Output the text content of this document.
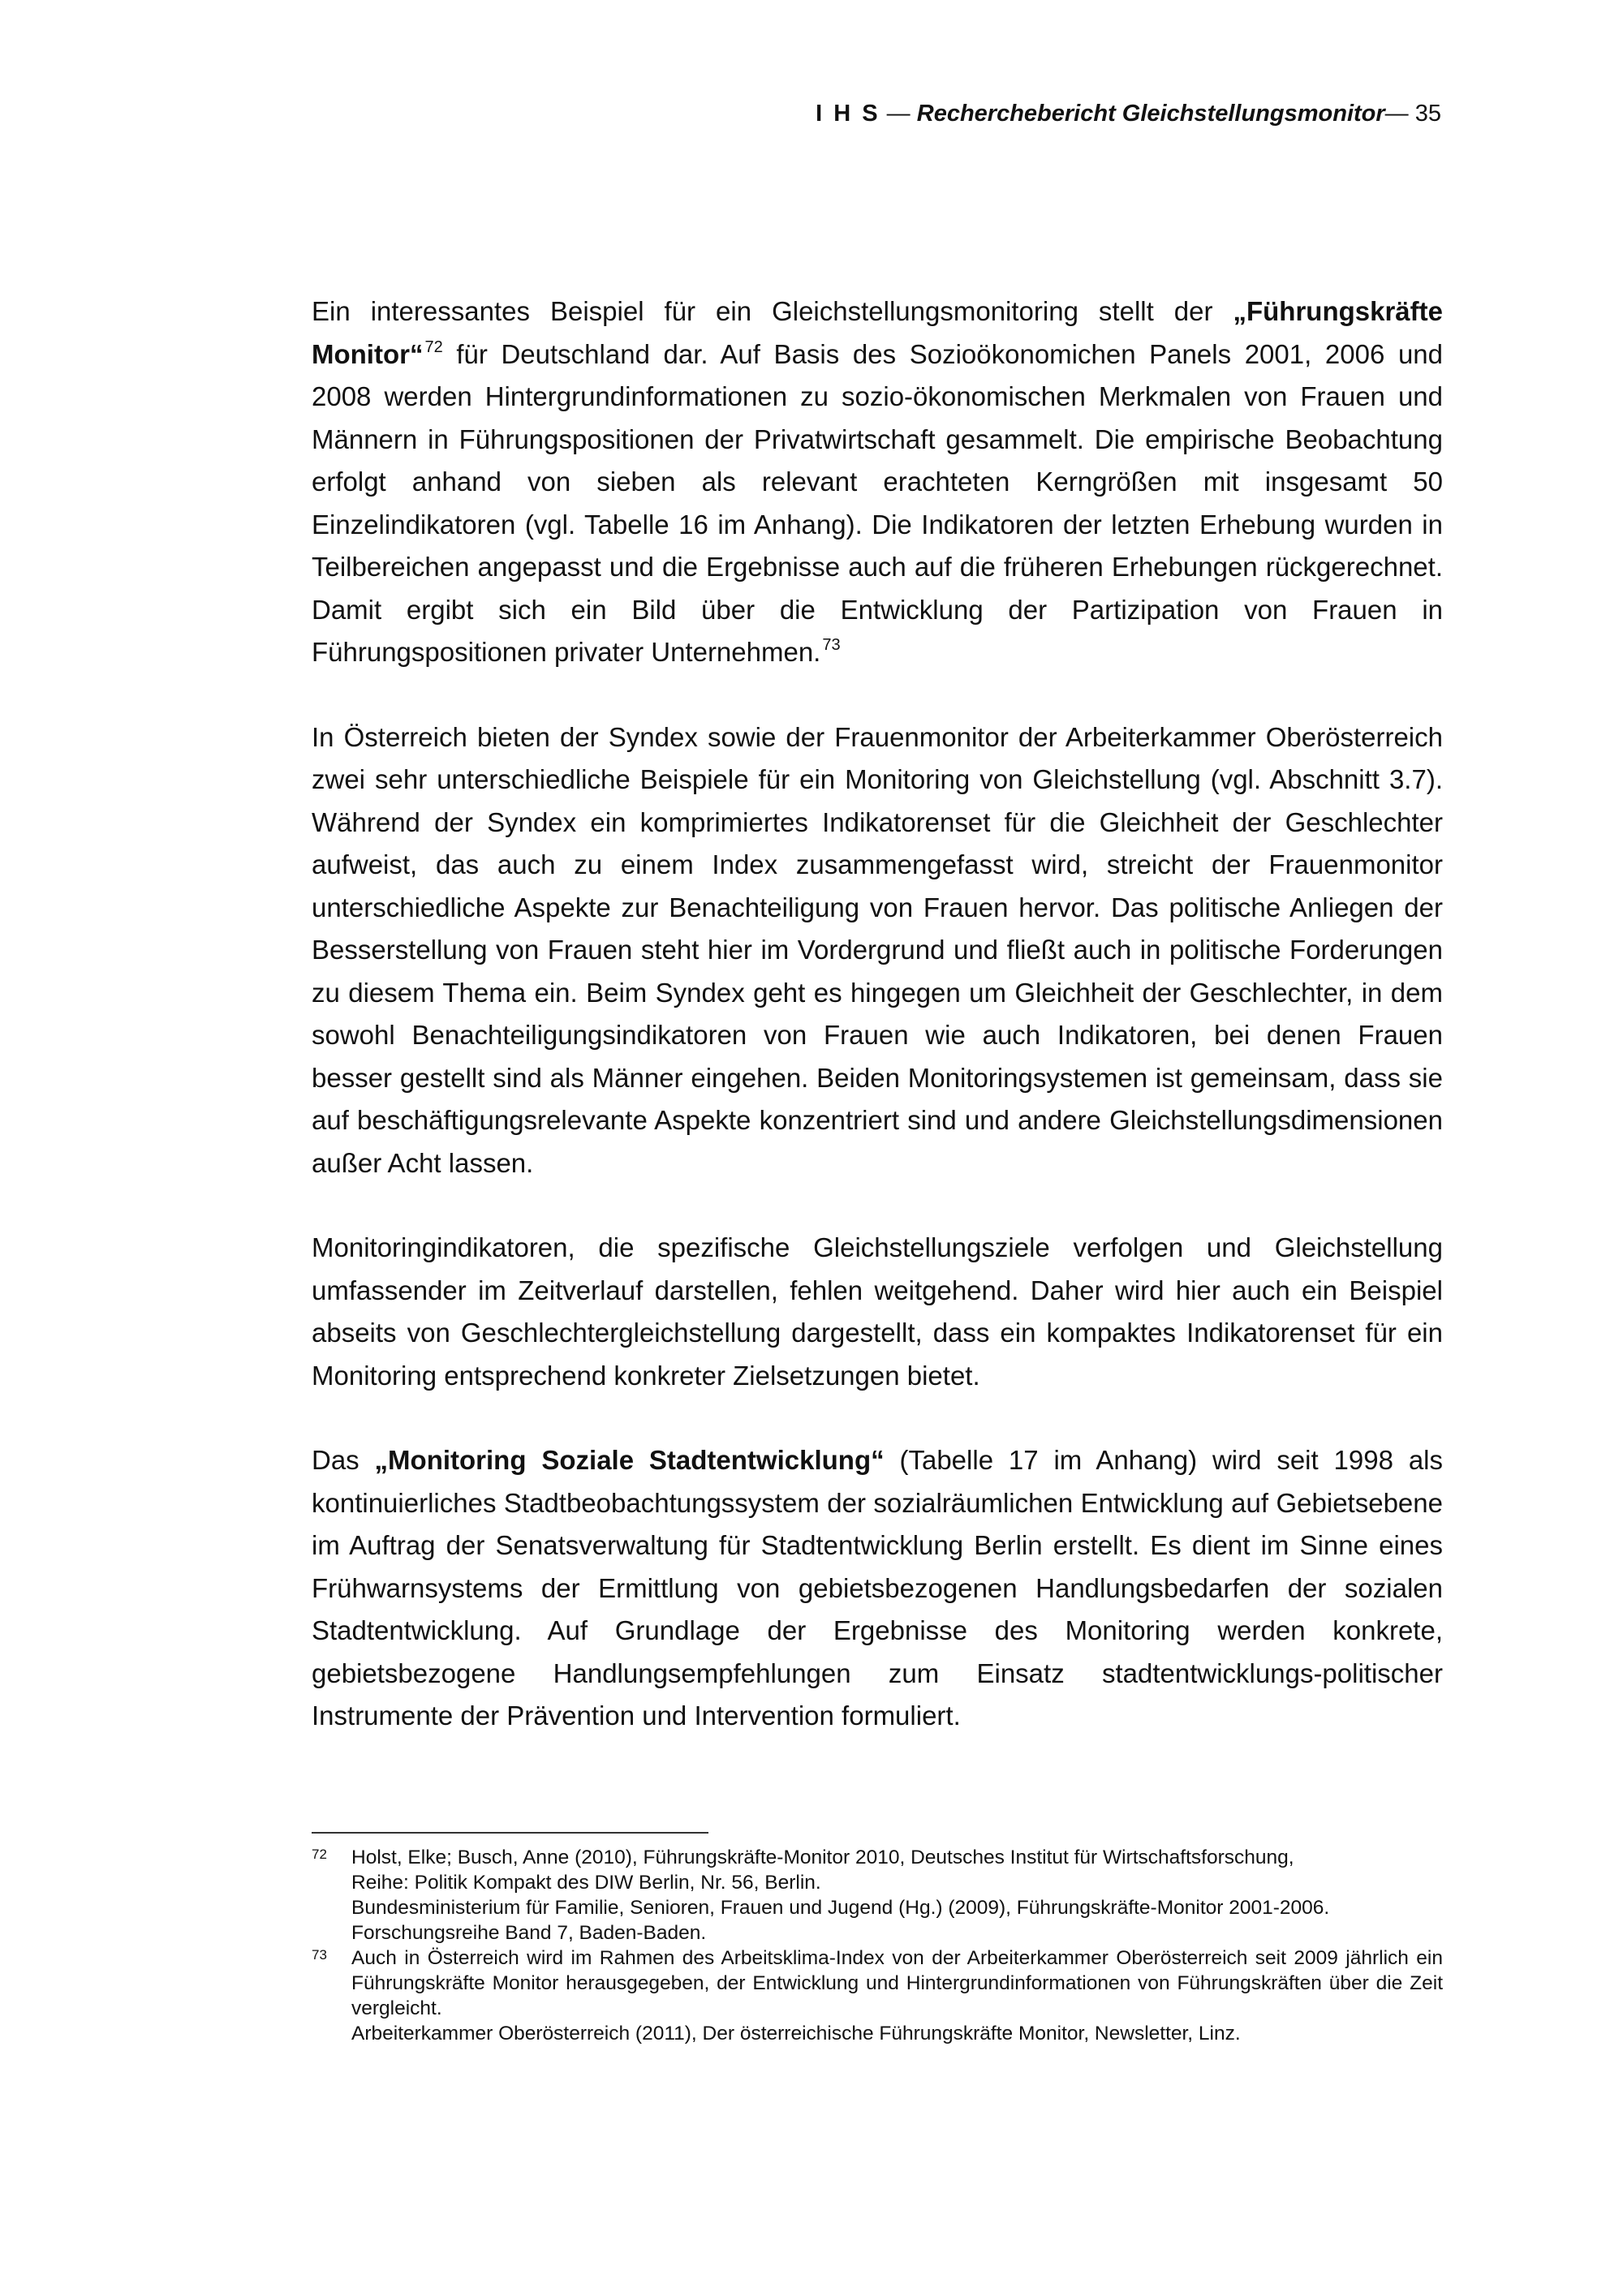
I H S — Recherchebericht Gleichstellungsmonitor— 35

Ein interessantes Beispiel für ein Gleichstellungsmonitoring stellt der „Führungskräfte Monitor“ $^{72}$ für Deutschland dar. Auf Basis des Sozioökonomichen Panels 2001, 2006 und 2008 werden Hintergrundinformationen zu sozio-ökonomischen Merkmalen von Frauen und Männern in Führungspositionen der Privatwirtschaft gesammelt. Die empirische Beobachtung erfolgt anhand von sieben als relevant erachteten Kerngrößen mit insgesamt 50 Einzelindikatoren (vgl. Tabelle 16 im Anhang). Die Indikatoren der letzten Erhebung wurden in Teilbereichen angepasst und die Ergebnisse auch auf die früheren Erhebungen rückgerechnet. Damit ergibt sich ein Bild über die Entwicklung der Partizipation von Frauen in Führungspositionen privater Unternehmen. $^{73}$

In Österreich bieten der Syndex sowie der Frauenmonitor der Arbeiterkammer Oberösterreich zwei sehr unterschiedliche Beispiele für ein Monitoring von Gleichstellung (vgl. Abschnitt 3.7). Während der Syndex ein komprimiertes Indikatorenset für die Gleichheit der Geschlechter aufweist, das auch zu einem Index zusammengefasst wird, streicht der Frauenmonitor unterschiedliche Aspekte zur Benachteiligung von Frauen hervor. Das politische Anliegen der Besserstellung von Frauen steht hier im Vordergrund und fließt auch in politische Forderungen zu diesem Thema ein. Beim Syndex geht es hingegen um Gleichheit der Geschlechter, in dem sowohl Benachteiligungsindikatoren von Frauen wie auch Indikatoren, bei denen Frauen besser gestellt sind als Männer eingehen. Beiden Monitoringsystemen ist gemeinsam, dass sie auf beschäftigungsrelevante Aspekte konzentriert sind und andere Gleichstellungsdimensionen außer Acht lassen.

Monitoringindikatoren, die spezifische Gleichstellungsziele verfolgen und Gleichstellung umfassender im Zeitverlauf darstellen, fehlen weitgehend. Daher wird hier auch ein Beispiel abseits von Geschlechtergleichstellung dargestellt, dass ein kompaktes Indikatorenset für ein Monitoring entsprechend konkreter Zielsetzungen bietet.

Das „Monitoring Soziale Stadtentwicklung“ (Tabelle 17 im Anhang) wird seit 1998 als kontinuierliches Stadtbeobachtungssystem der sozialräumlichen Entwicklung auf Gebietsebene im Auftrag der Senatsverwaltung für Stadtentwicklung Berlin erstellt. Es dient im Sinne eines Frühwarnsystems der Ermittlung von gebietsbezogenen Handlungsbedarfen der sozialen Stadtentwicklung. Auf Grundlage der Ergebnisse des Monitoring werden konkrete, gebietsbezogene Handlungsempfehlungen zum Einsatz stadtentwicklungs-politischer Instrumente der Prävention und Intervention formuliert.

72 Holst, Elke; Busch, Anne (2010), Führungskräfte-Monitor 2010, Deutsches Institut für Wirtschaftsforschung,
Reihe: Politik Kompakt des DIW Berlin, Nr. 56, Berlin.
Bundesministerium für Familie, Senioren, Frauen und Jugend (Hg.) (2009), Führungskräfte-Monitor 2001-2006.
Forschungsreihe Band 7, Baden-Baden.
73 Auch in Österreich wird im Rahmen des Arbeitsklima-Index von der Arbeiterkammer Oberösterreich seit 2009 jährlich ein Führungskräfte Monitor herausgegeben, der Entwicklung und Hintergrundinformationen von Führungskräften über die Zeit vergleicht.
Arbeiterkammer Oberösterreich (2011), Der österreichische Führungskräfte Monitor, Newsletter, Linz.
